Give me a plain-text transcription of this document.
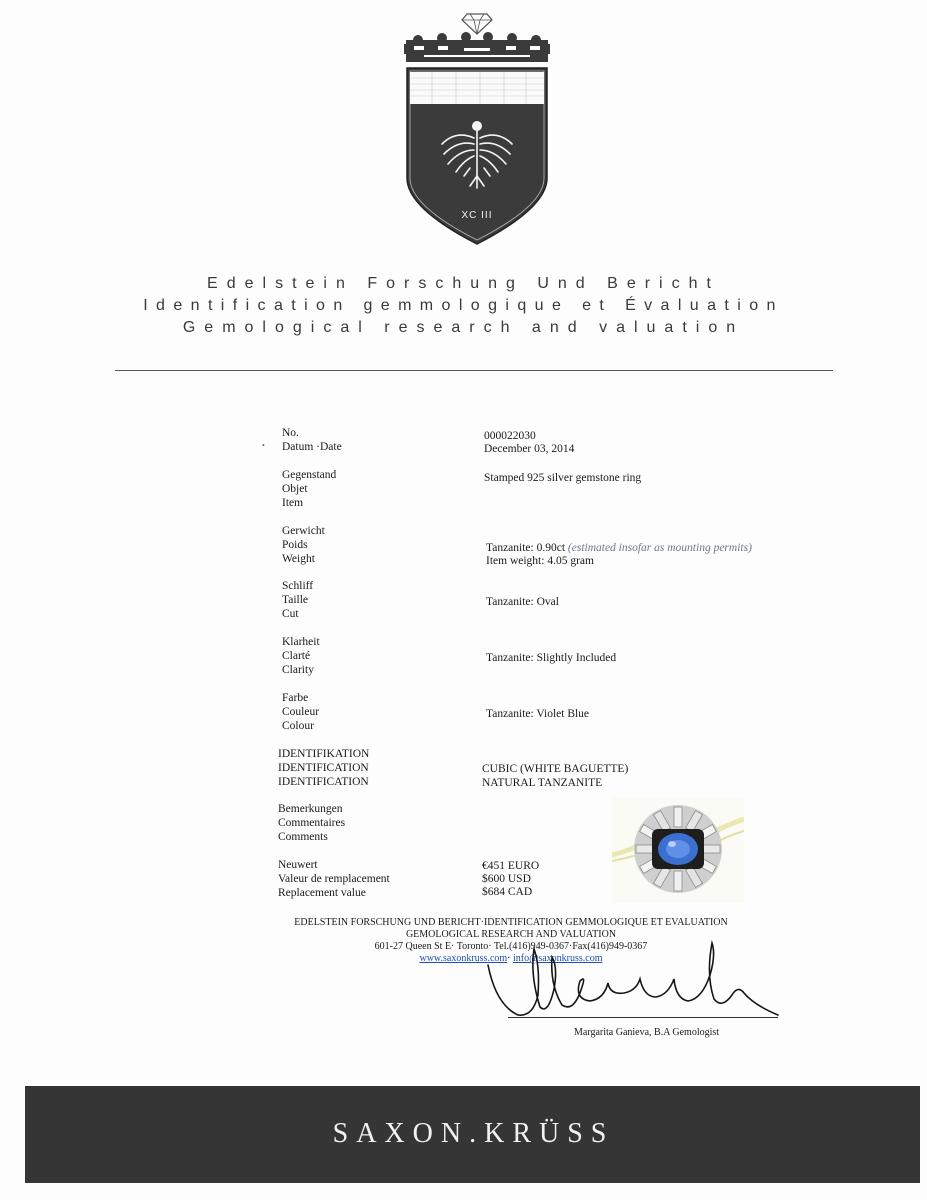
XC III
Edelstein Forschung Und Bericht
Identification gemmologique et Évaluation
Gemological research and valuation
•
No.
Datum ·Date
000022030
December 03, 2014
Gegenstand
Objet
Item
Stamped 925 silver gemstone ring
Gerwicht
Poids
Weight
Tanzanite: 0.90ct (estimated insofar as mounting permits)
Item weight: 4.05 gram
Schliff
Taille
Cut
Tanzanite: Oval
Klarheit
Clarté
Clarity
Tanzanite: Slightly Included
Farbe
Couleur
Colour
Tanzanite: Violet Blue
IDENTIFIKATION
IDENTIFICATION
IDENTIFICATION
CUBIC (WHITE BAGUETTE)
NATURAL TANZANITE
Bemerkungen
Commentaires
Comments
Neuwert
Valeur de remplacement
Replacement value
€451 EURO
$600 USD
$684 CAD
EDELSTEIN FORSCHUNG UND BERICHT·IDENTIFICATION GEMMOLOGIQUE ET EVALUATION
GEMOLOGICAL RESEARCH AND VALUATION
601-27 Queen St E· Toronto· Tel.(416)949-0367·Fax(416)949-0367
www.saxonkruss.com· info@saxonkruss.com
Margarita Ganieva, B.A Gemologist
SAXON.KRÜSS
